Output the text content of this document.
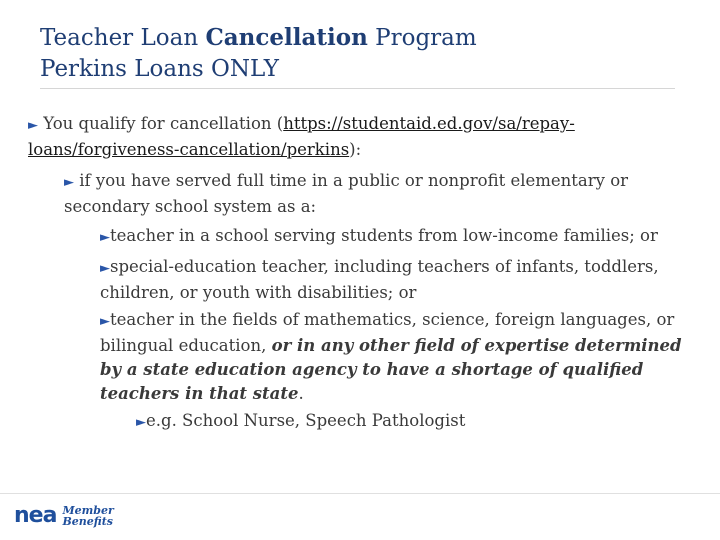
Teacher Loan Cancellation Program
Perkins Loans ONLY
► You qualify for cancellation (https://studentaid.ed.gov/sa/repay-loans/forgiveness-cancellation/perkins):
► if you have served full time in a public or nonprofit elementary or secondary school system as a:
►teacher in a school serving students from low-income families; or
►special-education teacher, including teachers of infants, toddlers, children, or youth with disabilities; or
►teacher in the fields of mathematics, science, foreign languages, or bilingual education, or in any other field of expertise determined by a state education agency to have a shortage of qualified teachers in that state.
►e.g. School Nurse, Speech Pathologist
nea Member
Benefits
